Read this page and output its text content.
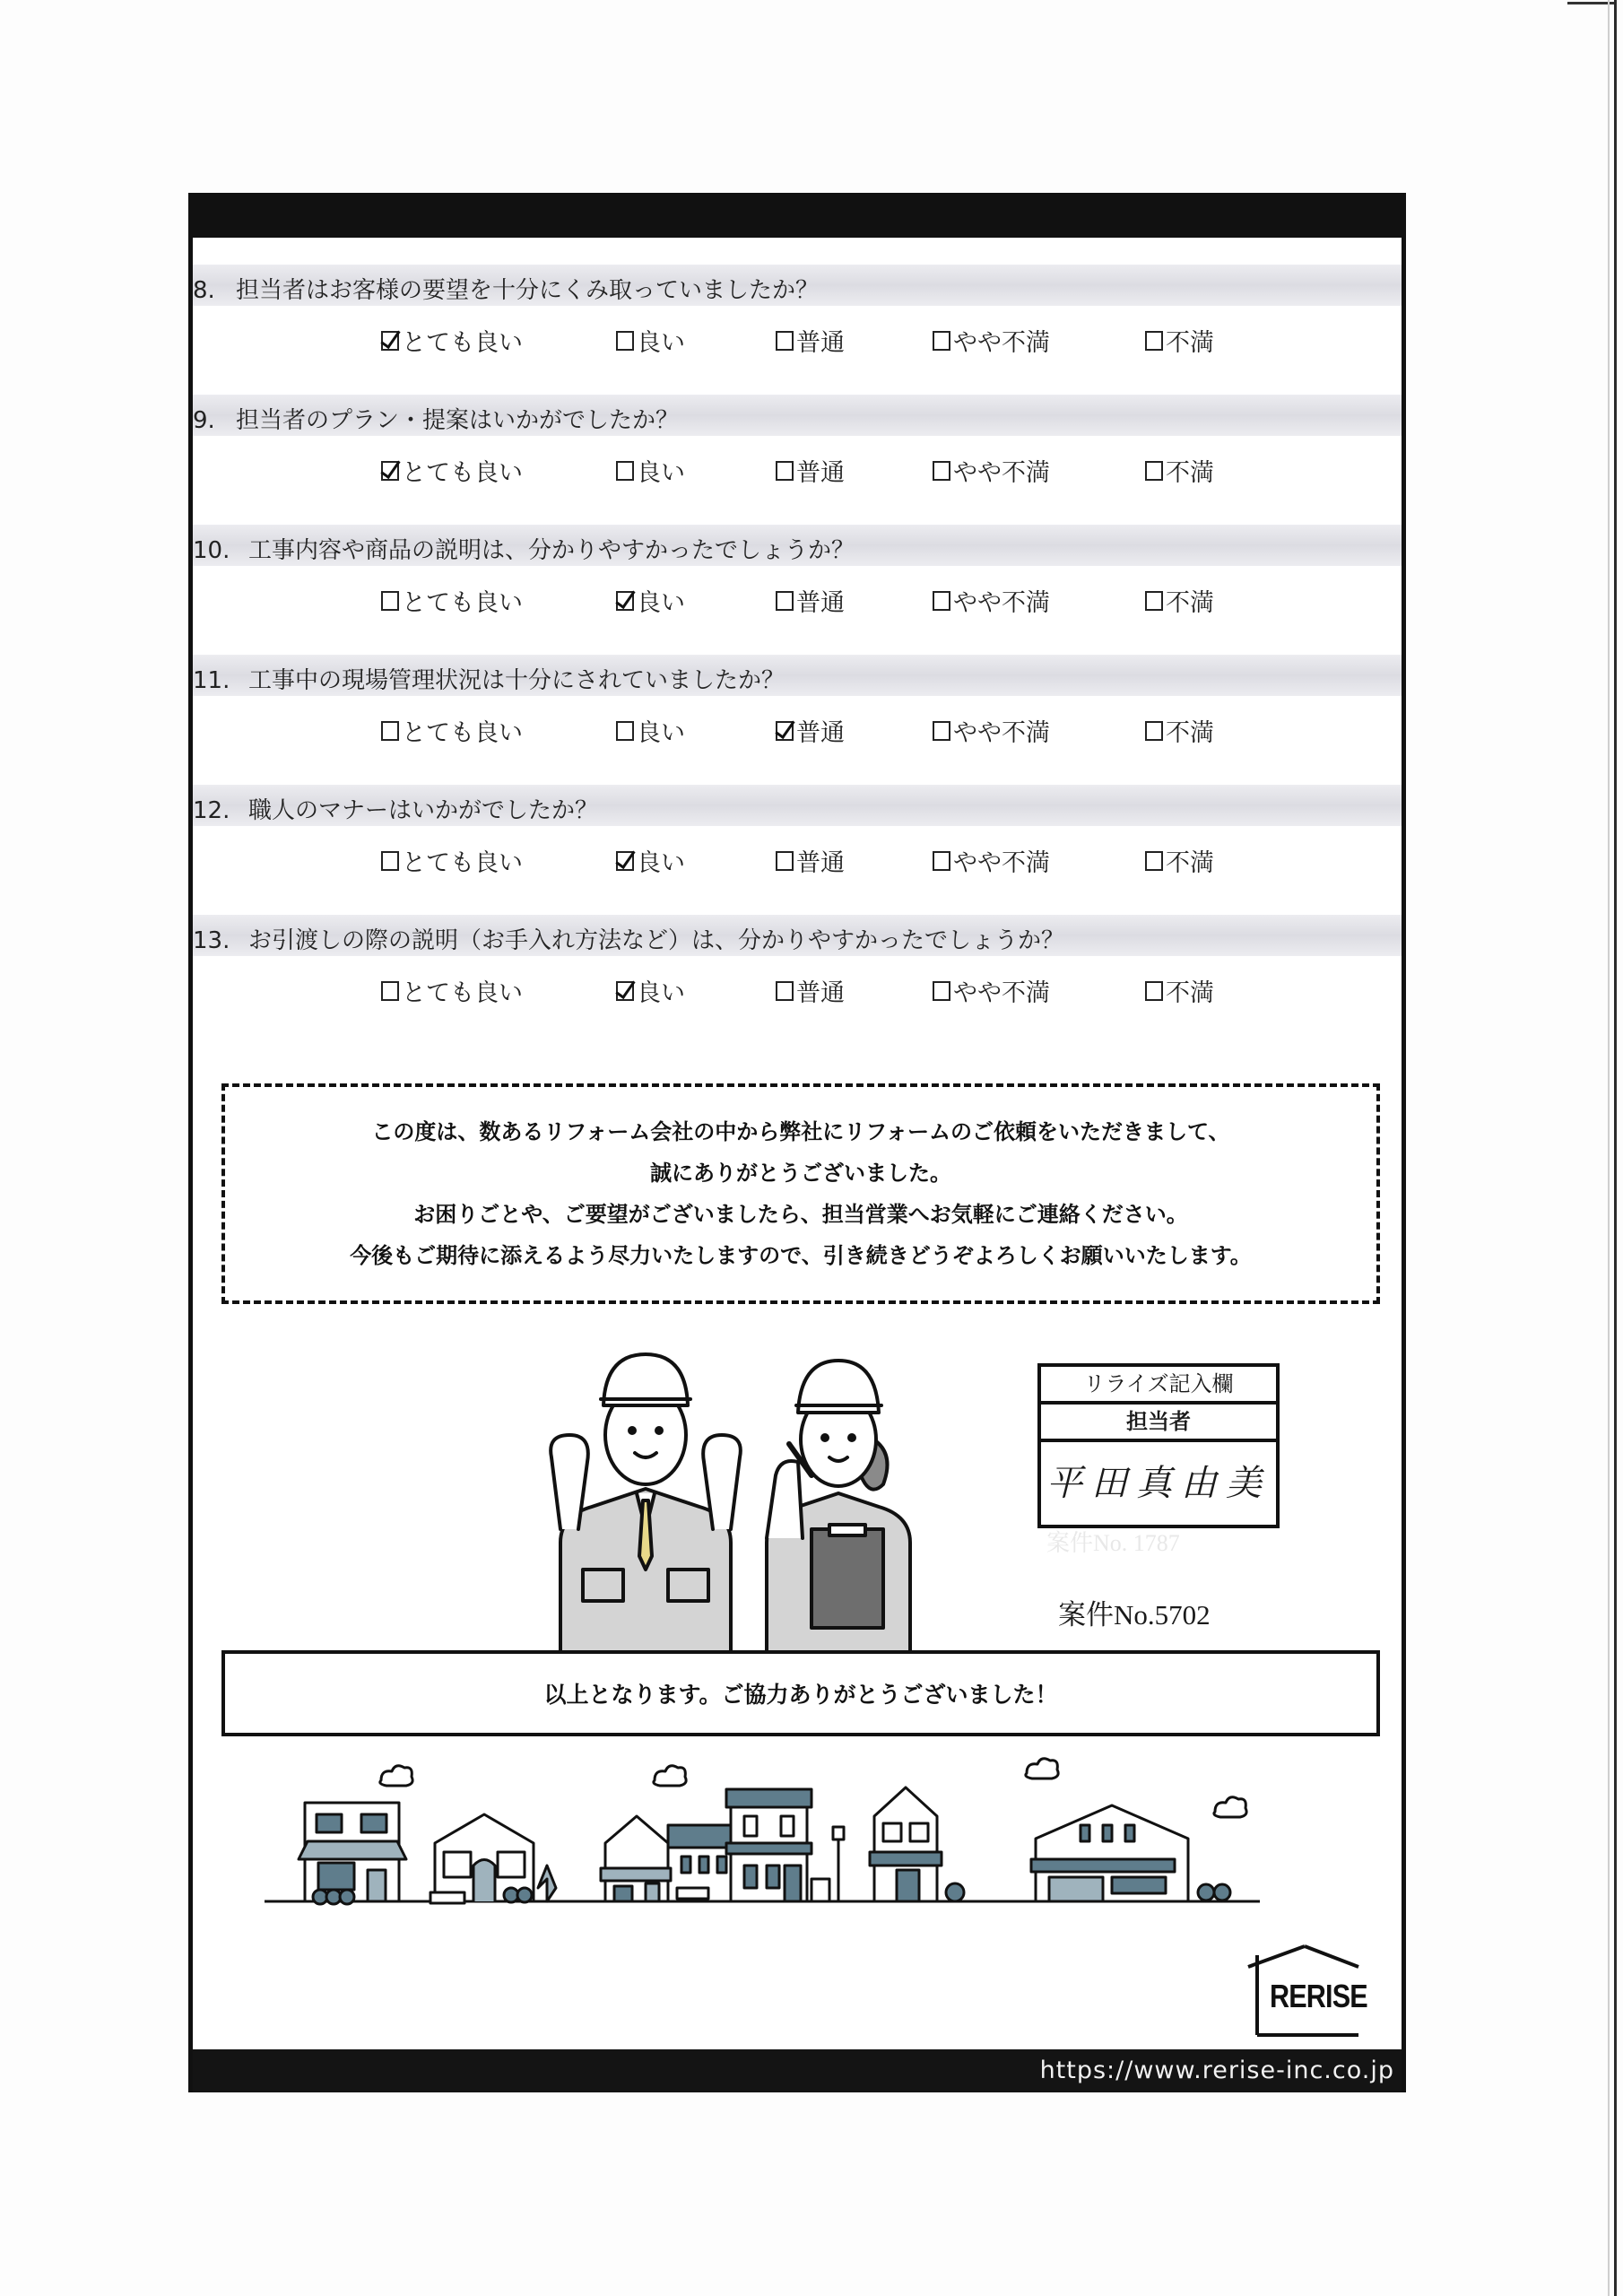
8. 担当者はお客様の要望を十分にくみ取っていましたか？
とても良い	良い	普通	やや不満	不満
9. 担当者のプラン・提案はいかがでしたか？
とても良い	良い	普通	やや不満	不満
10. 工事内容や商品の説明は、分かりやすかったでしょうか？
とても良い	良い	普通	やや不満	不満
11. 工事中の現場管理状況は十分にされていましたか？
とても良い	良い	普通	やや不満	不満
12. 職人のマナーはいかがでしたか？
とても良い	良い	普通	やや不満	不満
13. お引渡しの際の説明（お手入れ方法など）は、分かりやすかったでしょうか？
とても良い	良い	普通	やや不満	不満
この度は、数あるリフォーム会社の中から弊社にリフォームのご依頼をいただきまして、
誠にありがとうございました。
お困りごとや、ご要望がございましたら、担当営業へお気軽にご連絡ください。
今後もご期待に添えるよう尽力いたしますので、引き続きどうぞよろしくお願いいたします。
リライズ記入欄
担当者
平田真由美
案件No. 1787
案件No.5702
以上となります。ご協力ありがとうございました！
RERISE
https://www.rerise-inc.co.jp
